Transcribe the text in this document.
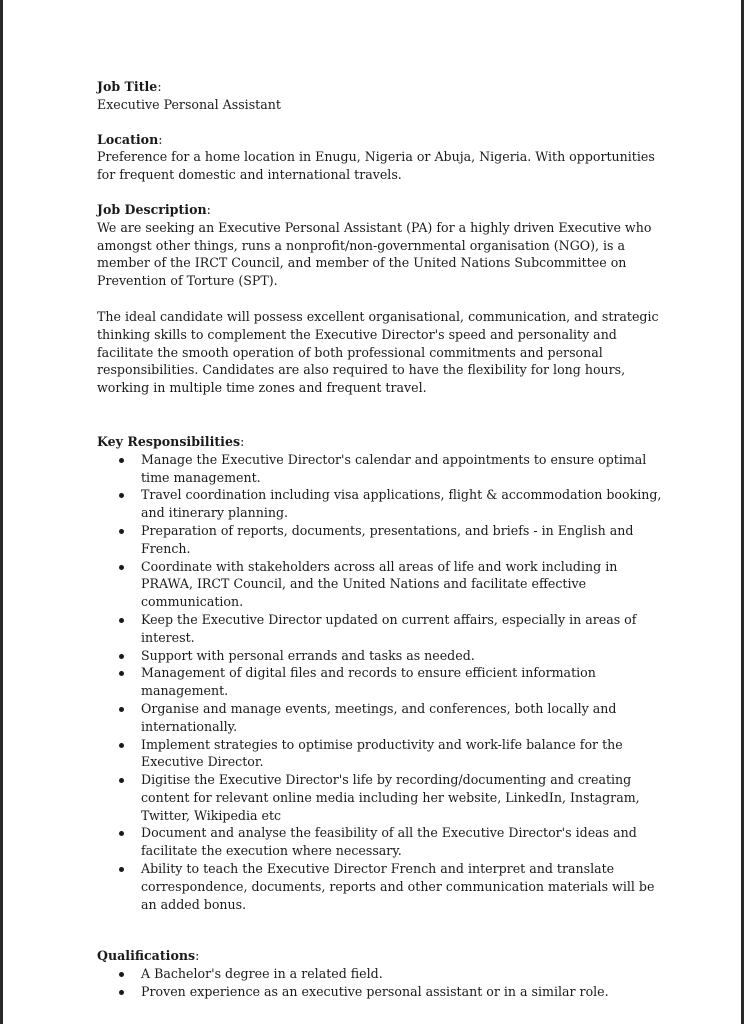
Job Title:

Executive Personal Assistant

Location:

Preference for a home location in Enugu, Nigeria or Abuja, Nigeria. With opportunities for frequent domestic and international travels.

Job Description:

We are seeking an Executive Personal Assistant (PA) for a highly driven Executive who amongst other things, runs a nonprofit/non-governmental organisation (NGO), is a member of the IRCT Council, and member of the United Nations Subcommittee on Prevention of Torture (SPT).

The ideal candidate will possess excellent organisational, communication, and strategic thinking skills to complement the Executive Director's speed and personality and facilitate the smooth operation of both professional commitments and personal responsibilities. Candidates are also required to have the flexibility for long hours, working in multiple time zones and frequent travel.

Key Responsibilities:

Manage the Executive Director's calendar and appointments to ensure optimal time management.
Travel coordination including visa applications, flight & accommodation booking, and itinerary planning.
Preparation of reports, documents, presentations, and briefs - in English and French.
Coordinate with stakeholders across all areas of life and work including in PRAWA, IRCT Council, and the United Nations and facilitate effective communication.
Keep the Executive Director updated on current affairs, especially in areas of interest.
Support with personal errands and tasks as needed.
Management of digital files and records to ensure efficient information management.
Organise and manage events, meetings, and conferences, both locally and internationally.
Implement strategies to optimise productivity and work-life balance for the Executive Director.
Digitise the Executive Director's life by recording/documenting and creating content for relevant online media including her website, LinkedIn, Instagram, Twitter, Wikipedia etc
Document and analyse the feasibility of all the Executive Director's ideas and facilitate the execution where necessary.
Ability to teach the Executive Director French and interpret and translate correspondence, documents, reports and other communication materials will be an added bonus.

Qualifications:

A Bachelor's degree in a related field.
Proven experience as an executive personal assistant or in a similar role.
